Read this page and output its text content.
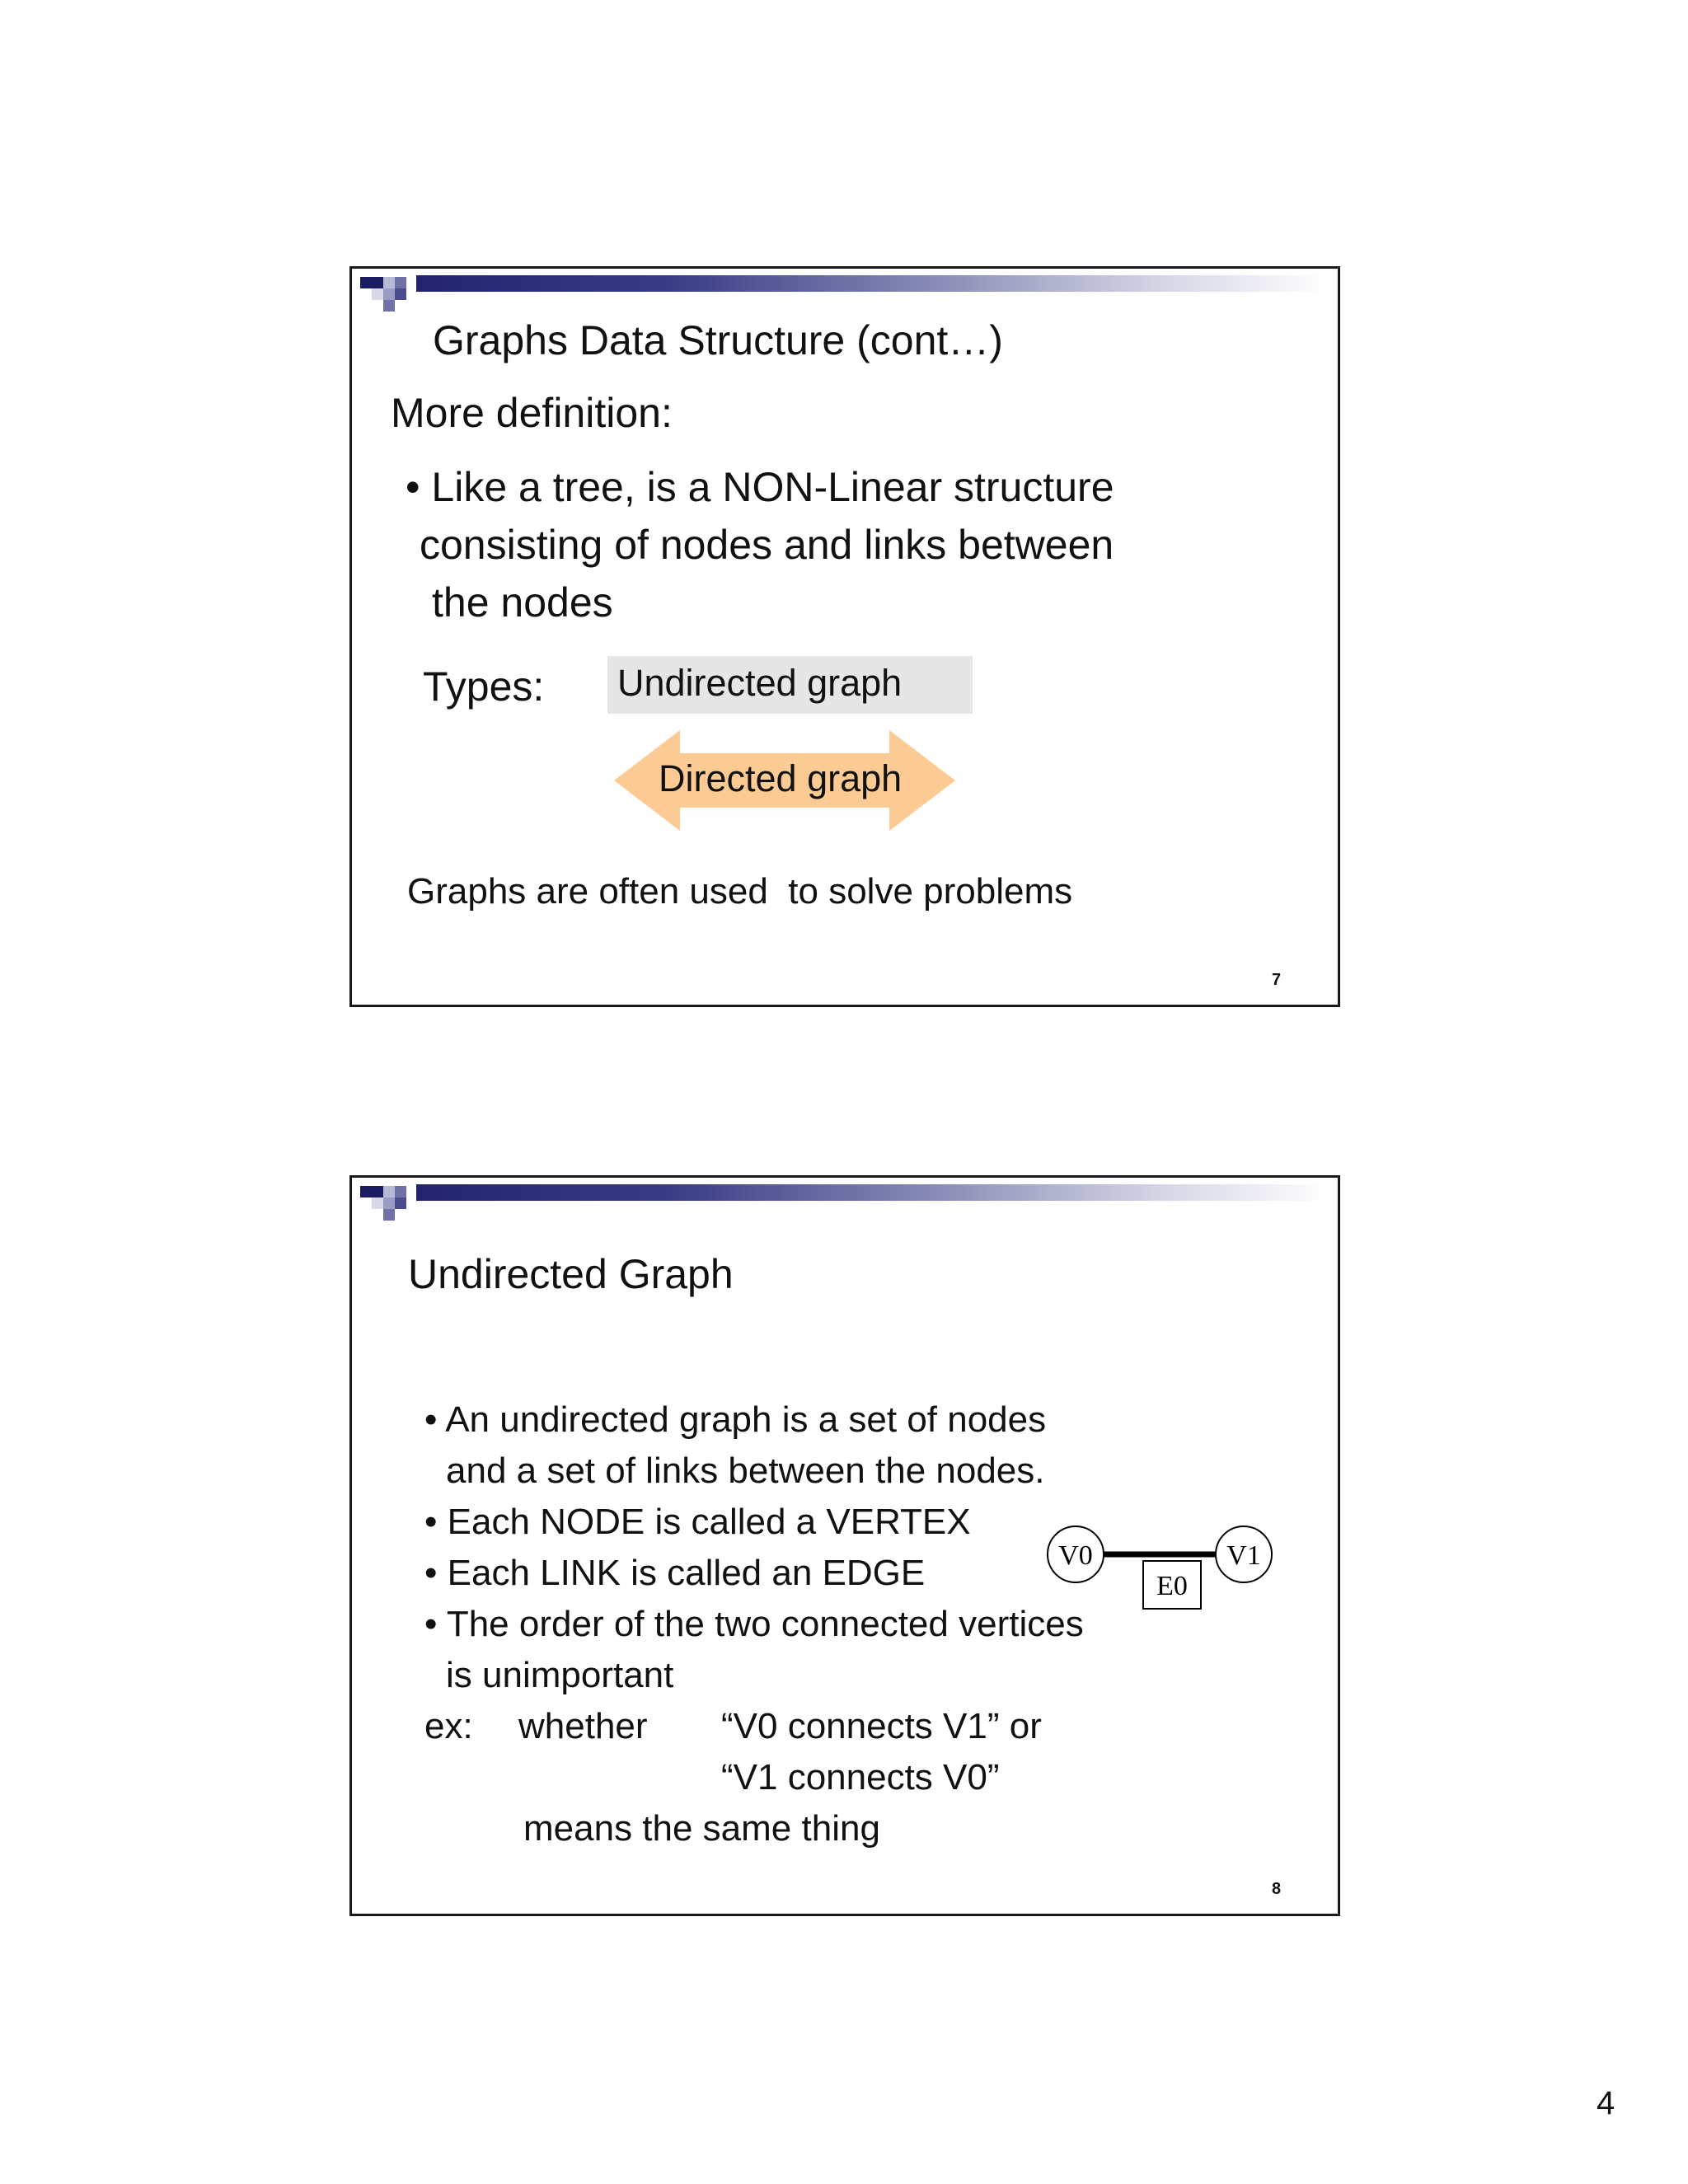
Graphs Data Structure (cont…)
More definition:
• Like a tree, is a NON-Linear structure
consisting of nodes and links between
the nodes
Types: Undirected graph
Directed graph
Graphs are often used  to solve problems
7
Undirected Graph
• An undirected graph is a set of nodes
and a set of links between the nodes.
• Each NODE is called a VERTEX
• Each LINK is called an EDGE
• The order of the two connected vertices
is unimportant
ex: whether “V0 connects V1” or
“V1 connects V0”
means the same thing
V0	V1
E0
8
4
